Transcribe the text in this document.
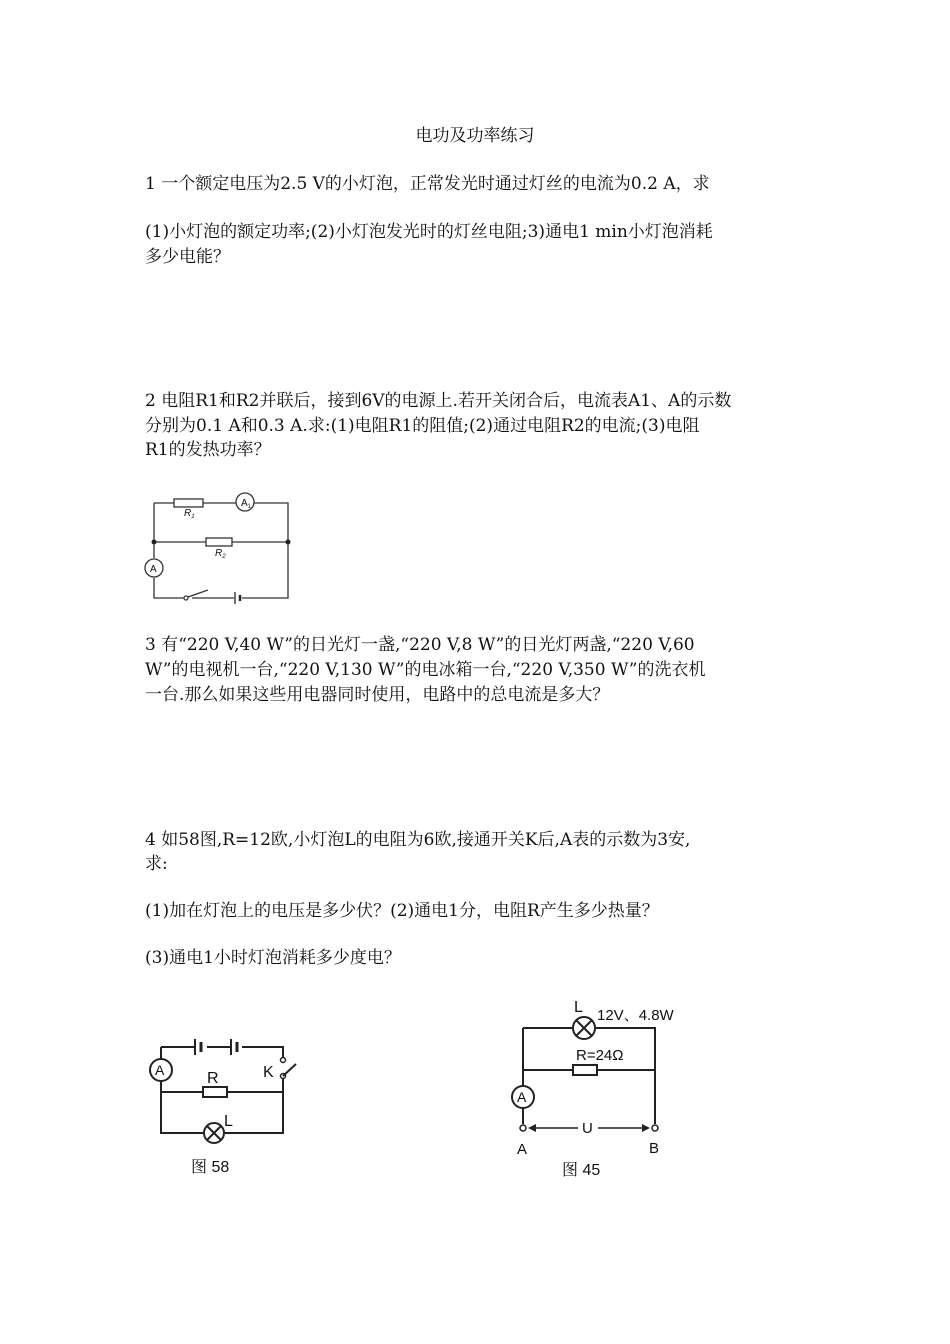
电功及功率练习
1 一个额定电压为2.5 V的小灯泡，正常发光时通过灯丝的电流为0.2 A，求
(1)小灯泡的额定功率;(2)小灯泡发光时的灯丝电阻;3)通电1 min小灯泡消耗
多少电能？
2 电阻R1和R2并联后，接到6V的电源上.若开关闭合后，电流表A1、A的示数
分别为0.1 A和0.3 A.求:(1)电阻R1的阻值;(2)通过电阻R2的电流;(3)电阻
R1的发热功率？
$A_1$
A
$R_1$
$R_2$
3 有“220 V,40 W”的日光灯一盏,“220 V,8 W”的日光灯两盏,“220 V,60
W”的电视机一台,“220 V,130 W”的电冰箱一台,“220 V,350 W”的洗衣机
一台.那么如果这些用电器同时使用，电路中的总电流是多大？
4 如58图,R=12欧,小灯泡L的电阻为6欧,接通开关K后,A表的示数为3安,
求:
(1)加在灯泡上的电压是多少伏？(2)通电1分，电阻R产生多少热量？
(3)通电1小时灯泡消耗多少度电？
A	R	K
L
图 58
L 12V、4.8W
R=24Ω
A
U
A	B
图 45
